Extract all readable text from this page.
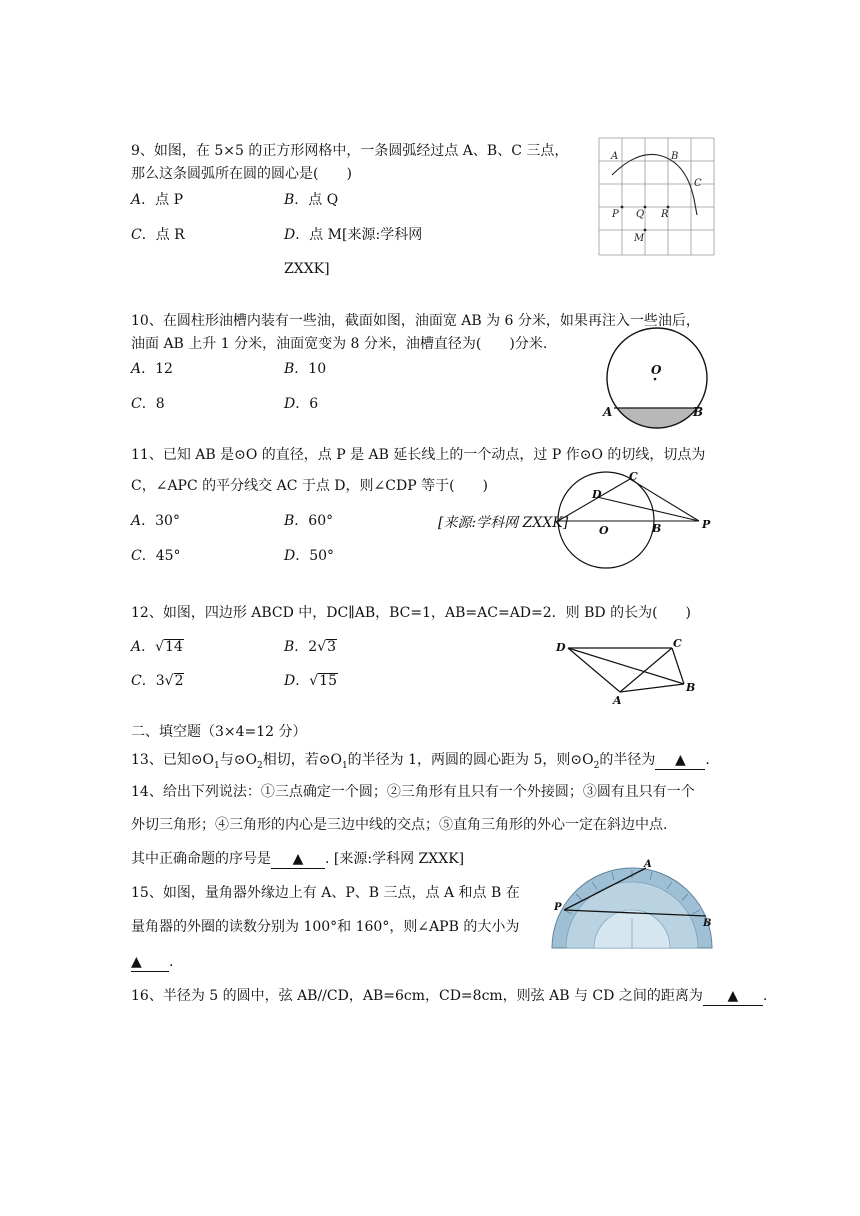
9、如图，在 5×5 的正方形网格中，一条圆弧经过点 A、B、C 三点，
那么这条圆弧所在圆的圆心是(　　)
A．点 P	B．点 Q
C．点 R	D．点 M[来源:学科网
ZXXK]
A	B
C
P Q R
M
10、在圆柱形油槽内装有一些油，截面如图，油面宽 AB 为 6 分米，如果再注入一些油后，
油面 AB 上升 1 分米，油面宽变为 8 分米，油槽直径为(　　)分米.
A．12	B．10
C．8	D．6
O
A	B
11、已知 AB 是⊙O 的直径，点 P 是 AB 延长线上的一个动点，过 P 作⊙O 的切线，切点为
C，∠APC 的平分线交 AC 于点 D，则∠CDP 等于(　　)
A．30°	B．60°
C．45°	D．50°
C
D
O	B	P
[来源:学科网 ZXXK]
12、如图，四边形 ABCD 中，DC∥AB，BC=1，AB=AC=AD=2．则 BD 的长为(　　)
A．√14	B．2√3
C．3√2	D．√15
D	C
A
B
二、填空题（3×4=12 分）
13、已知$⊙O_1$与$⊙O_2$相切，若$⊙O_1$的半径为 1，两圆的圆心距为 5，则$⊙O_2$的半径为 ▲ .
14、给出下列说法：①三点确定一个圆；②三角形有且只有一个外接圆；③圆有且只有一个
外切三角形；④三角形的内心是三边中线的交点；⑤直角三角形的外心一定在斜边中点.
其中正确命题的序号是 ▲ . [来源:学科网 ZXXK]
15、如图，量角器外缘边上有 A、P、B 三点，点 A 和点 B 在
量角器的外圈的读数分别为 100°和 160°，则∠APB 的大小为
▲ .
A
P
B
16、半径为 5 的圆中，弦 AB//CD，AB=6cm，CD=8cm，则弦 AB 与 CD 之间的距离为 ▲ .
